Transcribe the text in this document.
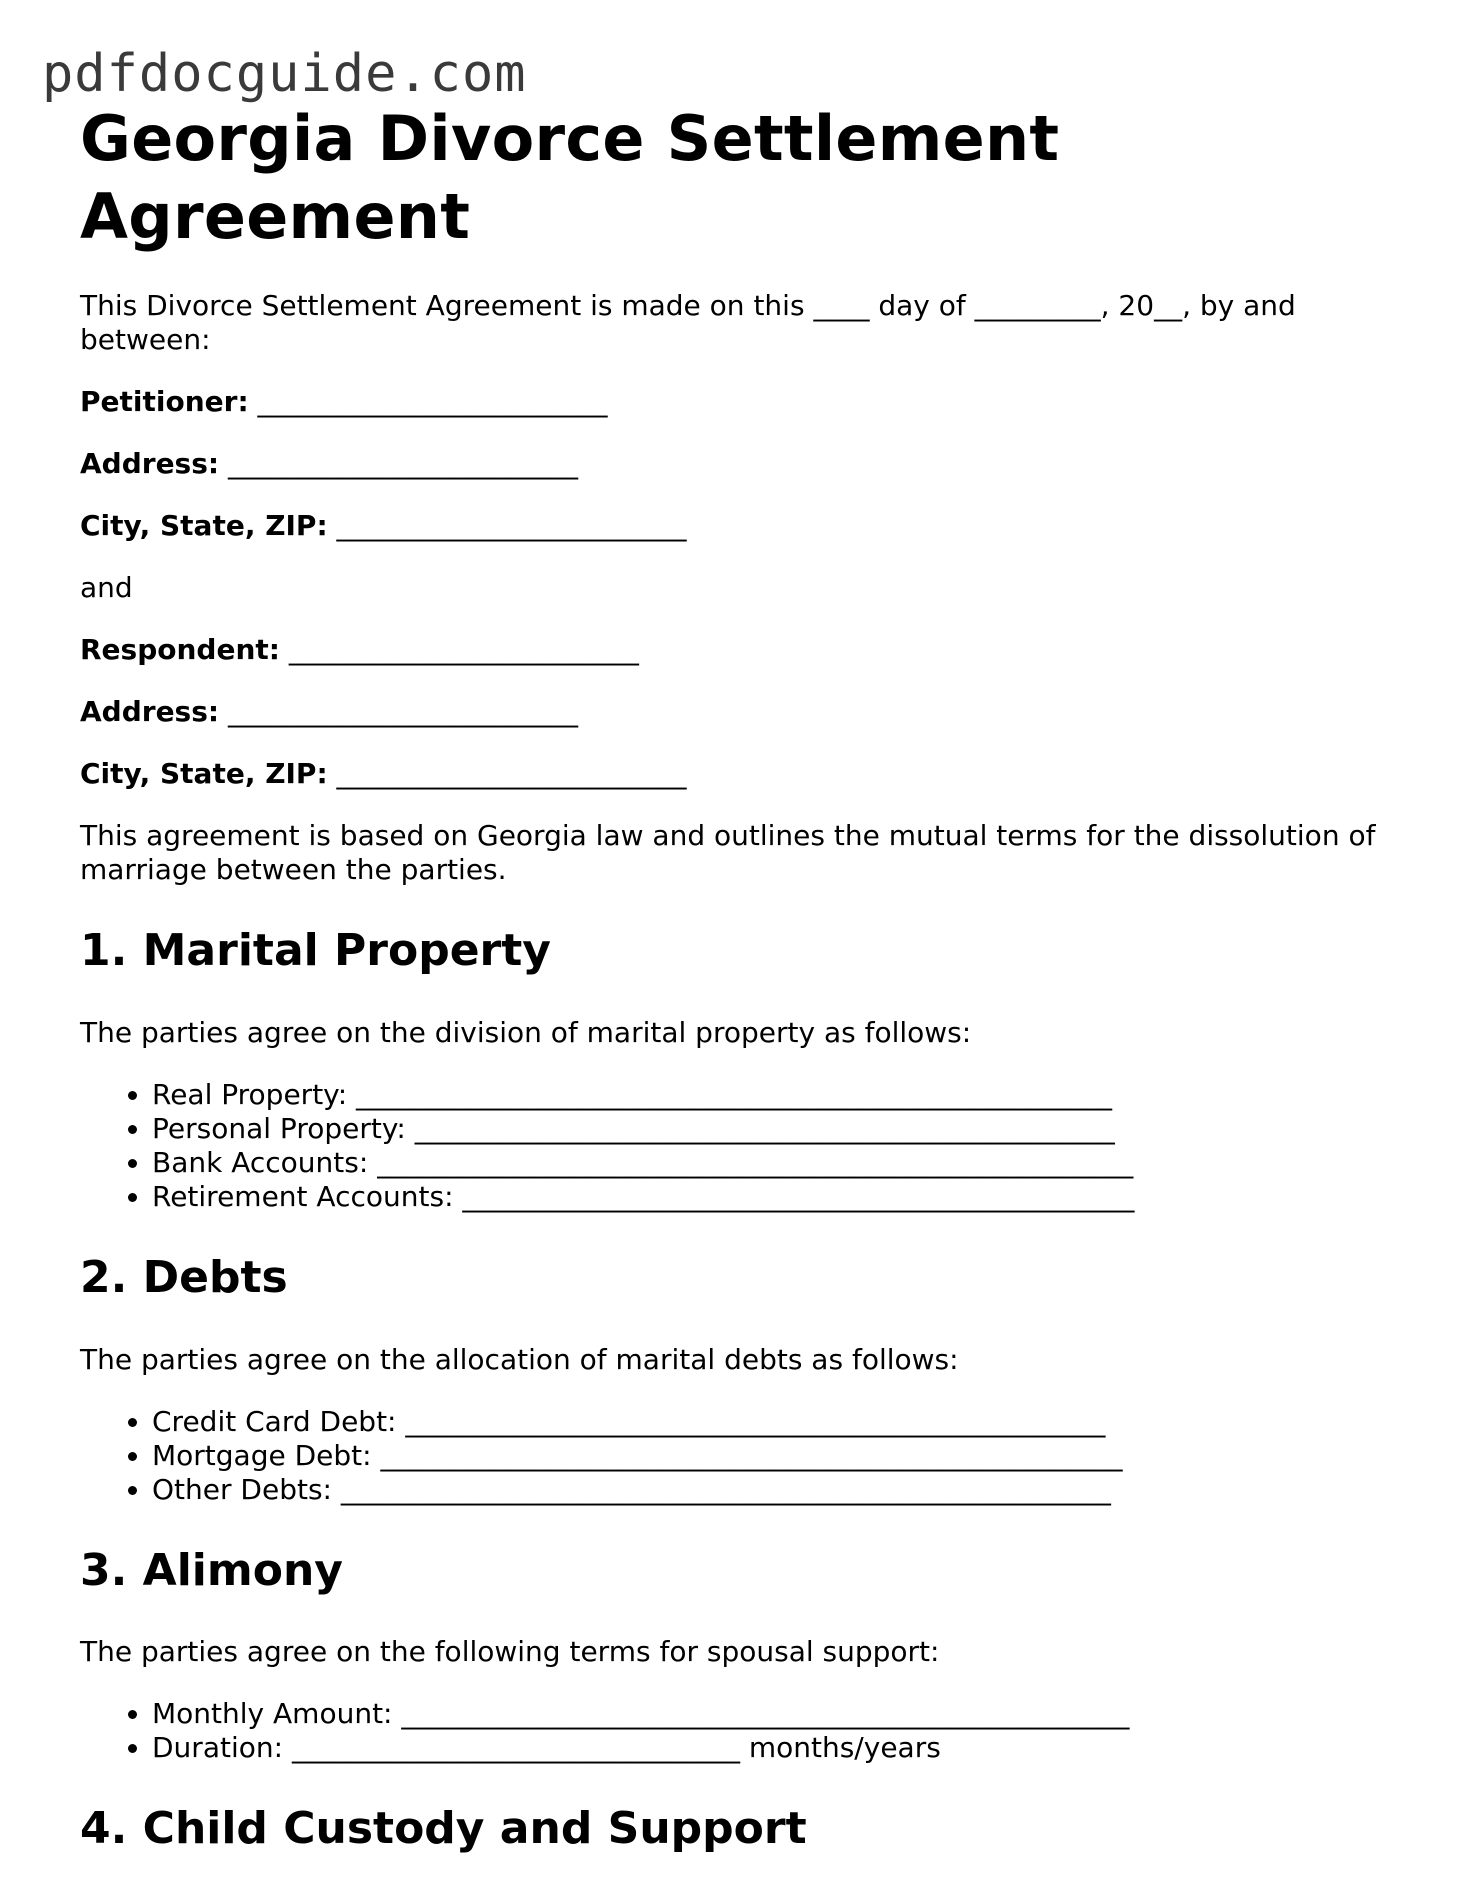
pdfdocguide.com
Georgia Divorce Settlement Agreement

This Divorce Settlement Agreement is made on this ____ day of _________, 20__, by and between:

Petitioner: _________________________

Address: _________________________

City, State, ZIP: _________________________

and

Respondent: _________________________

Address: _________________________

City, State, ZIP: _________________________

This agreement is based on Georgia law and outlines the mutual terms for the dissolution of marriage between the parties.

1. Marital Property

The parties agree on the division of marital property as follows:

• Real Property: ______________________________________________________
• Personal Property: __________________________________________________
• Bank Accounts: ______________________________________________________
• Retirement Accounts: ________________________________________________
2. Debts

The parties agree on the allocation of marital debts as follows:

• Credit Card Debt: __________________________________________________
• Mortgage Debt: _____________________________________________________
• Other Debts: _______________________________________________________
3. Alimony

The parties agree on the following terms for spousal support:

• Monthly Amount: ____________________________________________________
• Duration: ________________________________ months/years
4. Child Custody and Support
